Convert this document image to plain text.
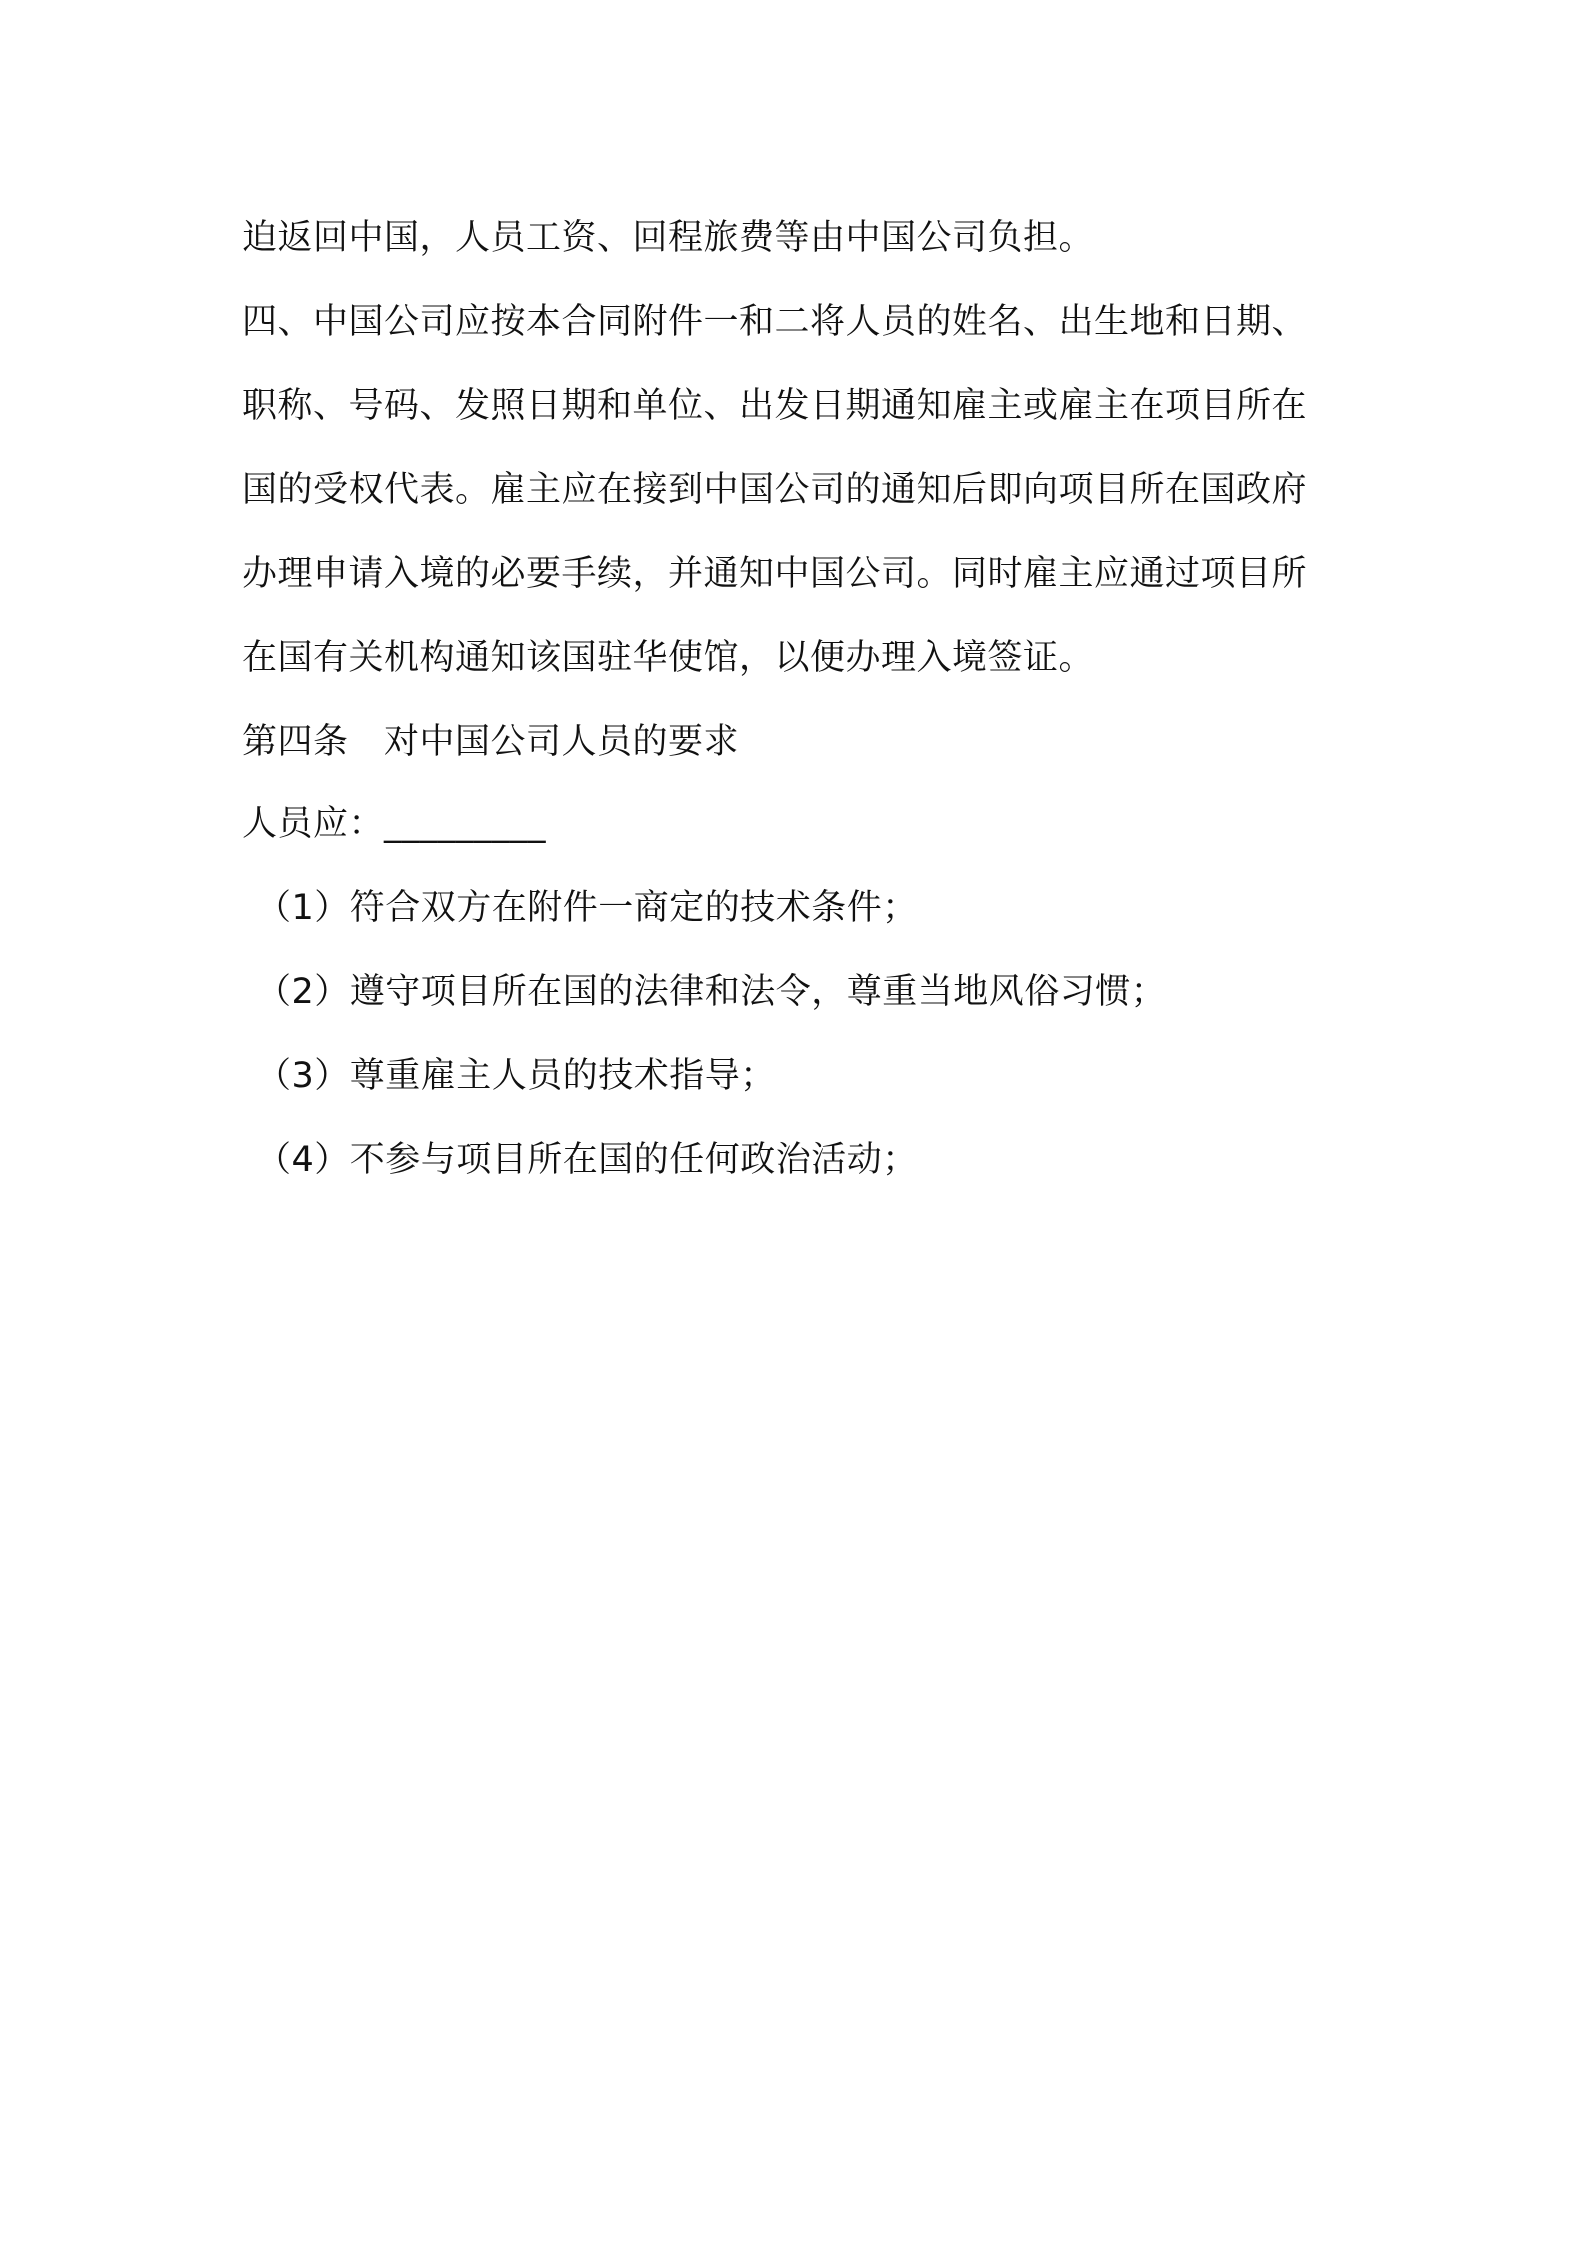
迫返回中国，人员工资、回程旅费等由中国公司负担。
四、中国公司应按本合同附件一和二将人员的姓名、出生地和日期、
职称、号码、发照日期和单位、出发日期通知雇主或雇主在项目所在
国的受权代表。雇主应在接到中国公司的通知后即向项目所在国政府
办理申请入境的必要手续，并通知中国公司。同时雇主应通过项目所
在国有关机构通知该国驻华使馆，以便办理入境签证。
第四条　对中国公司人员的要求
人员应：_________
（1）符合双方在附件一商定的技术条件；
（2）遵守项目所在国的法律和法令，尊重当地风俗习惯；
（3）尊重雇主人员的技术指导；
（4）不参与项目所在国的任何政治活动；
